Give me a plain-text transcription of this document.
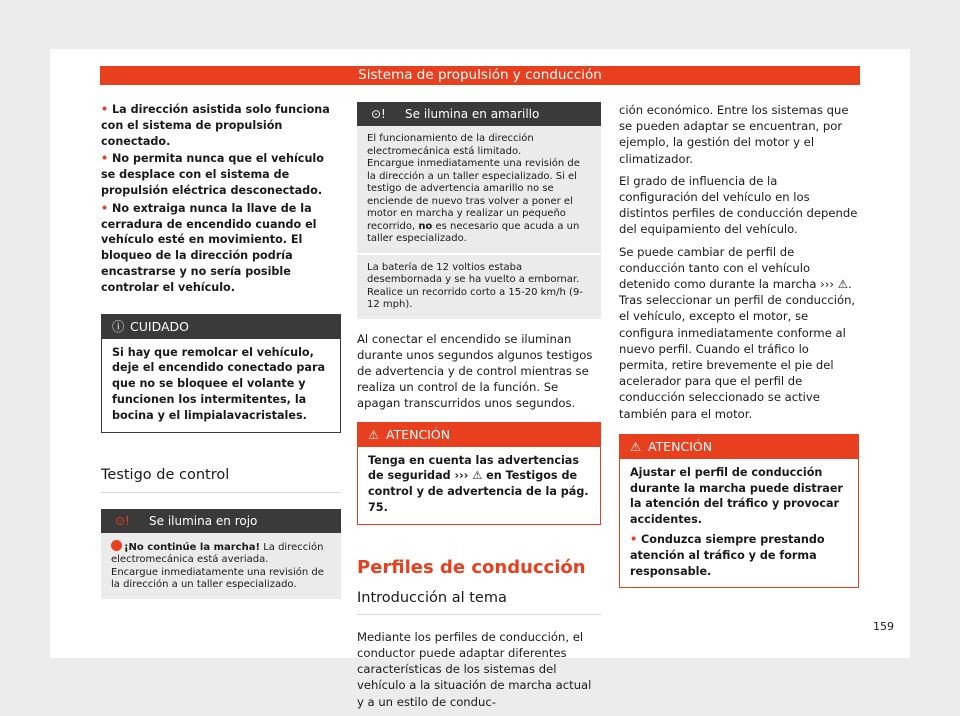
Sistema de propulsión y conducción

• La dirección asistida solo funciona con el sistema de propulsión conectado.

• No permita nunca que el vehículo se desplace con el sistema de propulsión eléctrica desconectado.

• No extraiga nunca la llave de la cerradura de encendido cuando el vehículo esté en movimiento. El bloqueo de la dirección podría encastrarse y no sería posible controlar el vehículo.

ⓘ CUIDADO
Si hay que remolcar el vehículo, deje el encendido conectado para que no se bloquee el volante y funcionen los intermitentes, la bocina y el limpialavacristales.
Testigo de control
⊙! Se ilumina en rojo
¡No continúe la marcha! La dirección electromecánica está averiada.
Encargue inmediatamente una revisión de la dirección a un taller especializado.
⊙! Se ilumina en amarillo
El funcionamiento de la dirección electromecánica está limitado.
Encargue inmediatamente una revisión de la dirección a un taller especializado. Si el testigo de advertencia amarillo no se enciende de nuevo tras volver a poner el motor en marcha y realizar un pequeño recorrido, no es necesario que acuda a un taller especializado.
La batería de 12 voltios estaba desembornada y se ha vuelto a embornar. Realice un recorrido corto a 15-20 km/h (9-12 mph).

Al conectar el encendido se iluminan durante unos segundos algunos testigos de advertencia y de control mientras se realiza un control de la función. Se apagan transcurridos unos segundos.

⚠ ATENCIÓN
Tenga en cuenta las advertencias de seguridad ››› ⚠ en Testigos de control y de advertencia de la pág. 75.
Perfiles de conducción
Introducción al tema

Mediante los perfiles de conducción, el conductor puede adaptar diferentes características de los sistemas del vehículo a la situación de marcha actual y a un estilo de conduc-

ción económico. Entre los sistemas que se pueden adaptar se encuentran, por ejemplo, la gestión del motor y el climatizador.

El grado de influencia de la configuración del vehículo en los distintos perfiles de conducción depende del equipamiento del vehículo.

Se puede cambiar de perfil de conducción tanto con el vehículo detenido como durante la marcha ››› ⚠. Tras seleccionar un perfil de conducción, el vehículo, excepto el motor, se configura inmediatamente conforme al nuevo perfil. Cuando el tráfico lo permita, retire brevemente el pie del acelerador para que el perfil de conducción seleccionado se active también para el motor.

⚠ ATENCIÓN
Ajustar el perfil de conducción durante la marcha puede distraer la atención del tráfico y provocar accidentes.
• Conduzca siempre prestando atención al tráfico y de forma responsable.
159
